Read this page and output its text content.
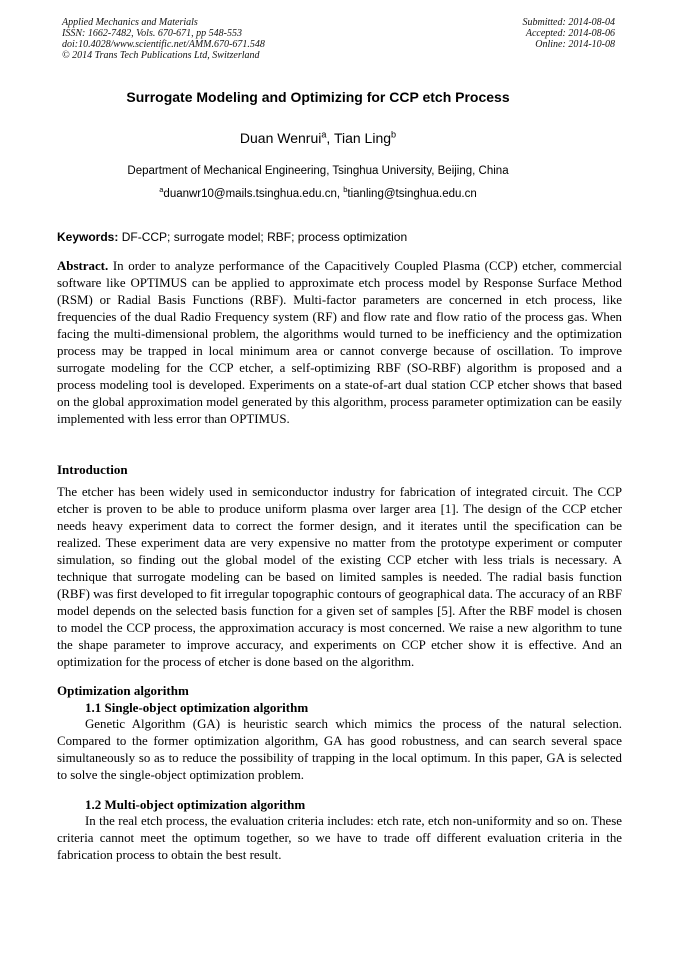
Applied Mechanics and Materials
ISSN: 1662-7482, Vols. 670-671, pp 548-553
doi:10.4028/www.scientific.net/AMM.670-671.548
© 2014 Trans Tech Publications Ltd, Switzerland
Submitted: 2014-08-04
Accepted: 2014-08-06
Online: 2014-10-08
Surrogate Modeling and Optimizing for CCP etch Process
Duan Wenrui$^a$, Tian Ling$^b$
Department of Mechanical Engineering, Tsinghua University, Beijing, China
$^a$duanwr10@mails.tsinghua.edu.cn, $^b$tianling@tsinghua.edu.cn

Keywords: DF-CCP; surrogate model; RBF; process optimization

Abstract. In order to analyze performance of the Capacitively Coupled Plasma (CCP) etcher, commercial software like OPTIMUS can be applied to approximate etch process model by Response Surface Method (RSM) or Radial Basis Functions (RBF). Multi-factor parameters are concerned in etch process, like frequencies of the dual Radio Frequency system (RF) and flow rate and flow ratio of the process gas. When facing the multi-dimensional problem, the algorithms would turned to be inefficiency and the optimization process may be trapped in local minimum area or cannot converge because of oscillation. To improve surrogate modeling for the CCP etcher, a self-optimizing RBF (SO-RBF) algorithm is proposed and a process modeling tool is developed. Experiments on a state-of-art dual station CCP etcher shows that based on the global approximation model generated by this algorithm, process parameter optimization can be easily implemented with less error than OPTIMUS.

Introduction

The etcher has been widely used in semiconductor industry for fabrication of integrated circuit. The CCP etcher is proven to be able to produce uniform plasma over larger area [1]. The design of the CCP etcher needs heavy experiment data to correct the former design, and it iterates until the specification can be realized. These experiment data are very expensive no matter from the prototype experiment or computer simulation, so finding out the global model of the existing CCP etcher with less trials is necessary. A technique that surrogate modeling can be based on limited samples is needed. The radial basis function (RBF) was first developed to fit irregular topographic contours of geographical data. The accuracy of an RBF model depends on the selected basis function for a given set of samples [5]. After the RBF model is chosen to model the CCP process, the approximation accuracy is most concerned. We raise a new algorithm to tune the shape parameter to improve accuracy, and experiments on CCP etcher show it is effective. And an optimization for the process of etcher is done based on the algorithm.

Optimization algorithm
1.1 Single-object optimization algorithm

Genetic Algorithm (GA) is heuristic search which mimics the process of the natural selection. Compared to the former optimization algorithm, GA has good robustness, and can search several space simultaneously so as to reduce the possibility of trapping in the local optimum. In this paper, GA is selected to solve the single-object optimization problem.

1.2 Multi-object optimization algorithm

In the real etch process, the evaluation criteria includes: etch rate, etch non-uniformity and so on. These criteria cannot meet the optimum together, so we have to trade off different evaluation criteria in the fabrication process to obtain the best result.
